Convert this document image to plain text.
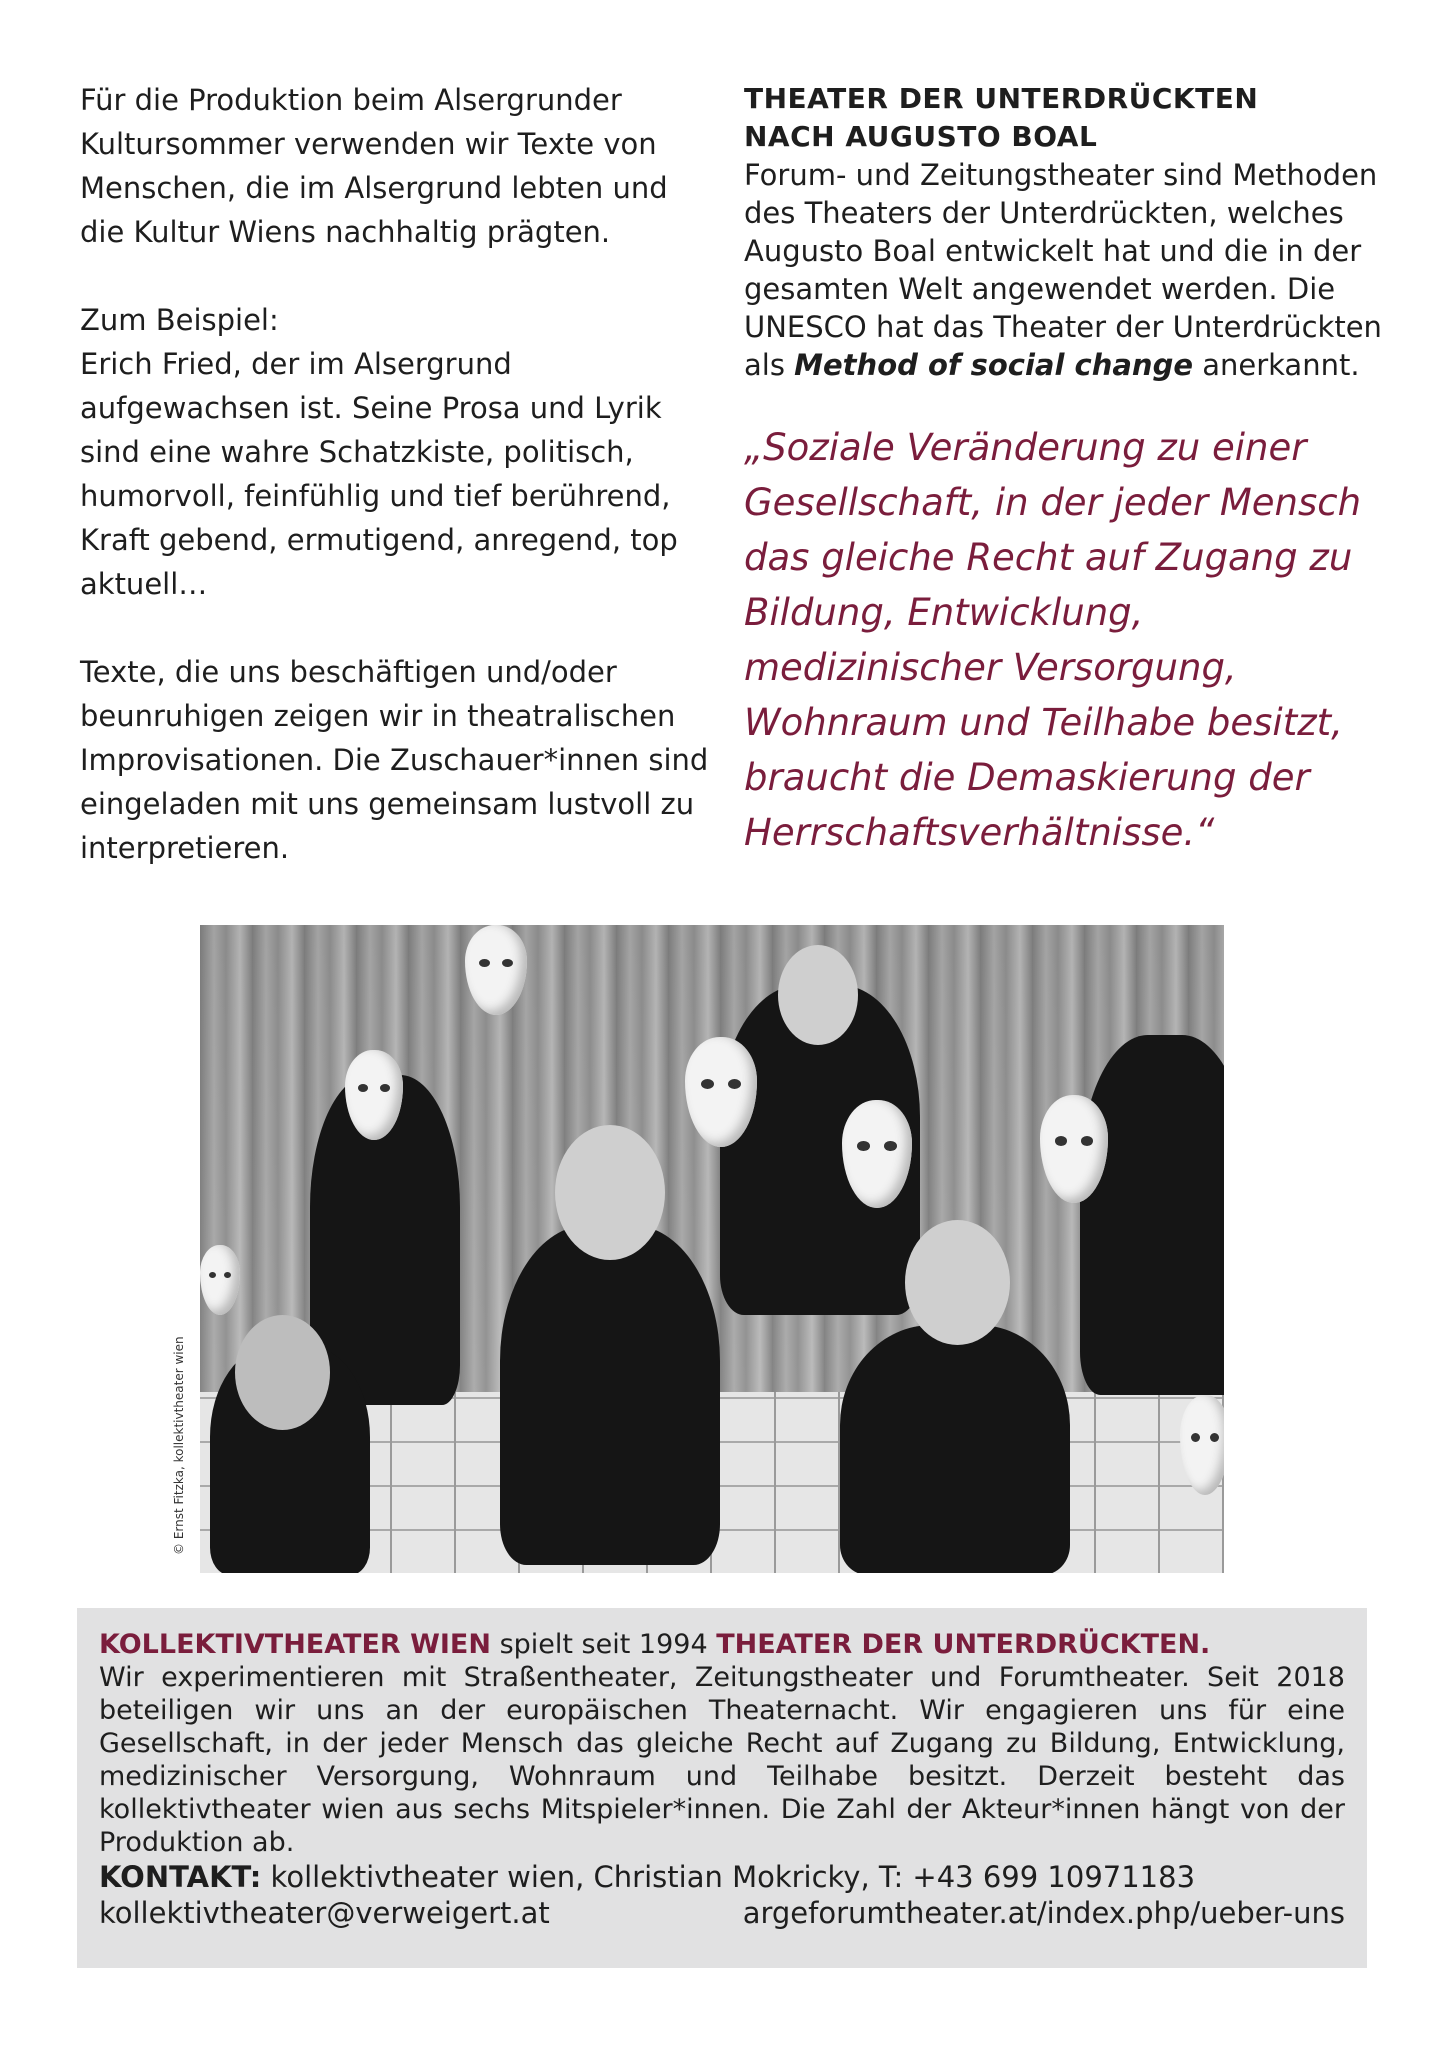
Für die Produktion beim Alsergrunder Kultursommer verwenden wir Texte von Menschen, die im Alsergrund lebten und die Kultur Wiens nachhaltig prägten.

Zum Beispiel:
Erich Fried, der im Alsergrund aufgewachsen ist. Seine Prosa und Lyrik sind eine wahre Schatzkiste, politisch, humorvoll, feinfühlig und tief berührend, Kraft gebend, ermutigend, anregend, top aktuell…

Texte, die uns beschäftigen und/oder beunruhigen zeigen wir in theatralischen Improvisationen. Die Zuschauer*innen sind eingeladen mit uns gemeinsam lustvoll zu interpretieren.

THEATER DER UNTERDRÜCKTEN
NACH AUGUSTO BOAL
Forum- und Zeitungstheater sind Methoden des Theaters der Unterdrückten, welches Augusto Boal entwickelt hat und die in der gesamten Welt angewendet werden. Die UNESCO hat das Theater der Unterdrückten als Method of social change anerkannt.
„Soziale Veränderung zu einer Gesellschaft, in der jeder Mensch das gleiche Recht auf Zugang zu Bildung, Entwicklung, medizinischer Versorgung, Wohnraum und Teilhabe besitzt, braucht die Demaskierung der Herrschaftsverhältnisse.“
© Ernst Fitzka, kollektivtheater wien
KOLLEKTIVTHEATER WIEN spielt seit 1994 THEATER DER UNTERDRÜCKTEN.
Wir experimentieren mit Straßentheater, Zeitungstheater und Forumtheater. Seit 2018 beteiligen wir uns an der europäischen Theaternacht. Wir engagieren uns für eine Gesellschaft, in der jeder Mensch das gleiche Recht auf Zugang zu Bildung, Entwicklung, medizinischer Versorgung, Wohnraum und Teilhabe besitzt. Derzeit besteht das kollektivtheater wien aus sechs Mitspieler*innen. Die Zahl der Akteur*innen hängt von der Produktion ab.
KONTAKT: kollektivtheater wien, Christian Mokricky, T: +43 699 10971183
kollektivtheater@verweigert.at	argeforumtheater.at/index.php/ueber-uns
